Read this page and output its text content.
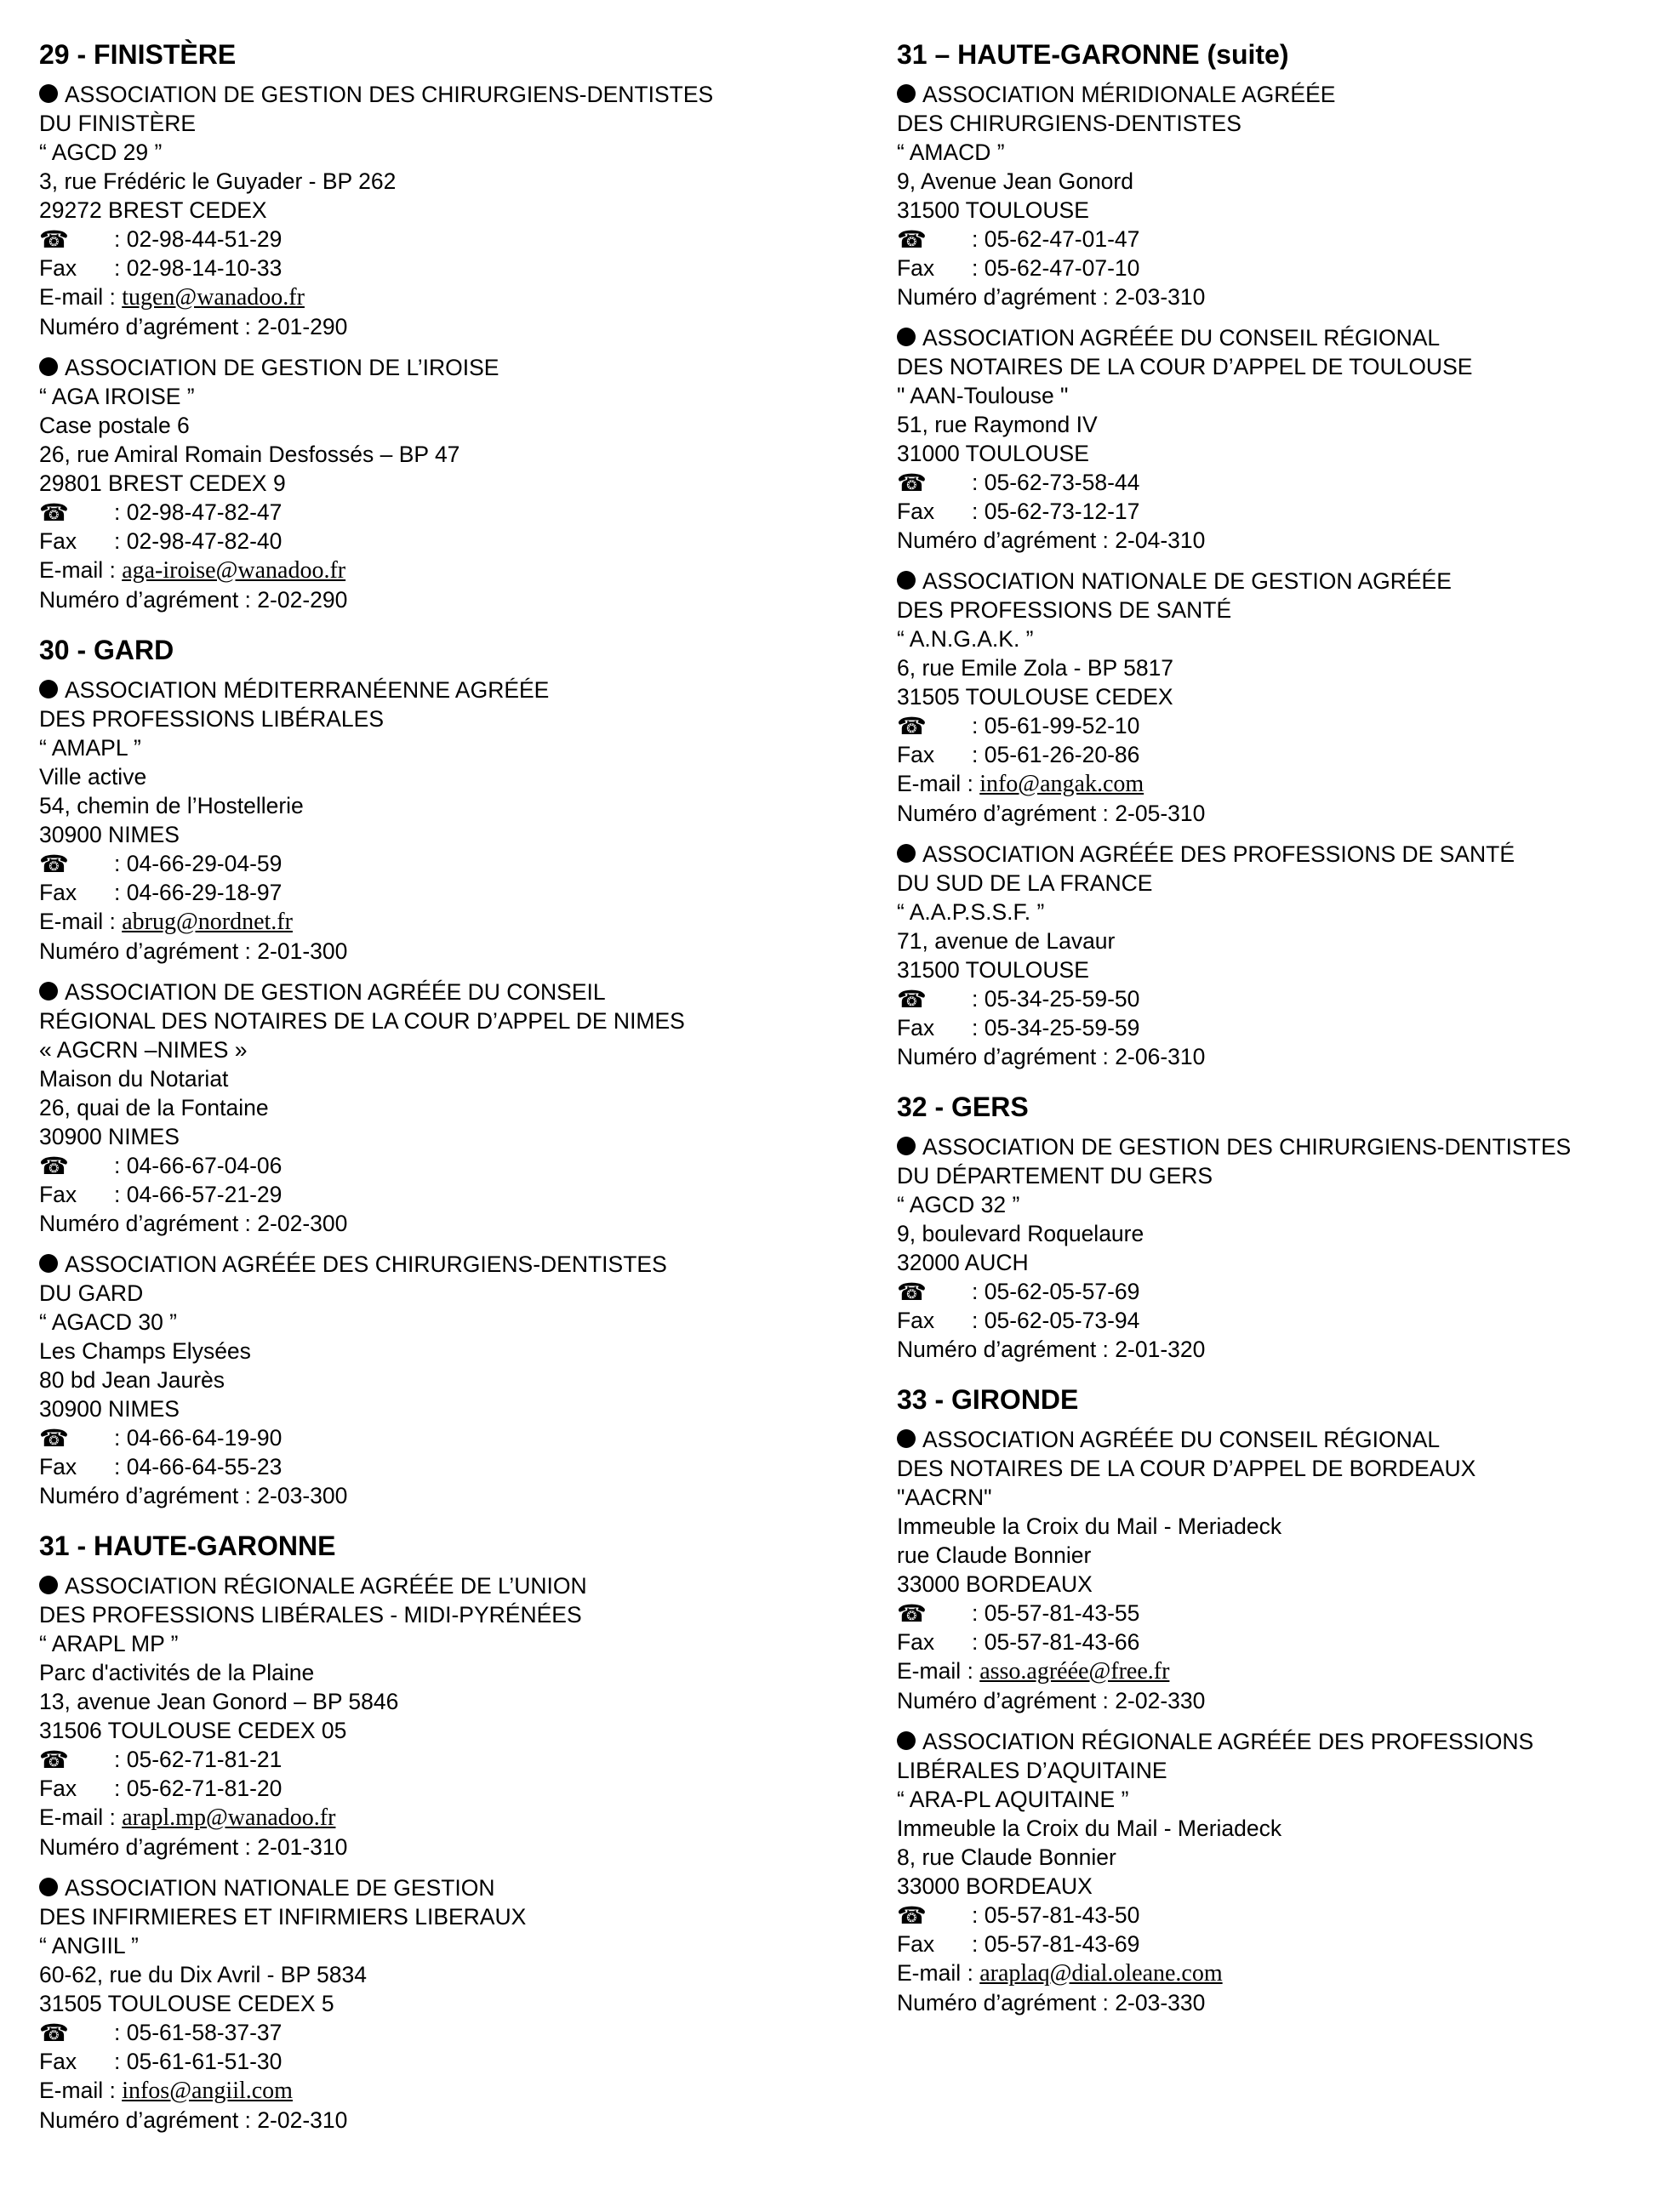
29 - FINISTÈRE
ASSOCIATION DE GESTION DES CHIRURGIENS-DENTISTES
DU FINISTÈRE
“ AGCD 29 ”
3, rue Frédéric le Guyader - BP 262
29272 BREST CEDEX
☎ : 02-98-44-51-29
Fax : 02-98-14-10-33
E-mail : tugen@wanadoo.fr
Numéro d’agrément : 2-01-290
ASSOCIATION DE GESTION DE L’IROISE
“ AGA IROISE ”
Case postale 6
26, rue Amiral Romain Desfossés – BP 47
29801 BREST CEDEX 9
☎ : 02-98-47-82-47
Fax : 02-98-47-82-40
E-mail : aga-iroise@wanadoo.fr
Numéro d’agrément : 2-02-290
30 - GARD
ASSOCIATION MÉDITERRANÉENNE AGRÉÉE
DES PROFESSIONS LIBÉRALES
“ AMAPL ”
Ville active
54, chemin de l’Hostellerie
30900 NIMES
☎ : 04-66-29-04-59
Fax : 04-66-29-18-97
E-mail : abrug@nordnet.fr
Numéro d’agrément : 2-01-300
ASSOCIATION DE GESTION AGRÉÉE DU CONSEIL
RÉGIONAL DES NOTAIRES DE LA COUR D’APPEL DE NIMES
« AGCRN –NIMES »
Maison du Notariat
26, quai de la Fontaine
30900 NIMES
☎ : 04-66-67-04-06
Fax : 04-66-57-21-29
Numéro d’agrément : 2-02-300
ASSOCIATION AGRÉÉE DES CHIRURGIENS-DENTISTES
DU GARD
“ AGACD 30 ”
Les Champs Elysées
80 bd Jean Jaurès
30900 NIMES
☎ : 04-66-64-19-90
Fax : 04-66-64-55-23
Numéro d’agrément : 2-03-300
31 - HAUTE-GARONNE
ASSOCIATION RÉGIONALE AGRÉÉE DE L’UNION
DES PROFESSIONS LIBÉRALES - MIDI-PYRÉNÉES
“ ARAPL MP ”
Parc d'activités de la Plaine
13, avenue Jean Gonord – BP 5846
31506 TOULOUSE CEDEX 05
☎ : 05-62-71-81-21
Fax : 05-62-71-81-20
E-mail : arapl.mp@wanadoo.fr
Numéro d’agrément : 2-01-310
ASSOCIATION NATIONALE DE GESTION
DES INFIRMIERES ET INFIRMIERS LIBERAUX
“ ANGIIL ”
60-62, rue du Dix Avril - BP 5834
31505 TOULOUSE CEDEX 5
☎ : 05-61-58-37-37
Fax : 05-61-61-51-30
E-mail : infos@angiil.com
Numéro d’agrément : 2-02-310
31 – HAUTE-GARONNE (suite)
ASSOCIATION MÉRIDIONALE AGRÉÉE
DES CHIRURGIENS-DENTISTES
“ AMACD ”
9, Avenue Jean Gonord
31500 TOULOUSE
☎ : 05-62-47-01-47
Fax : 05-62-47-07-10
Numéro d’agrément : 2-03-310
ASSOCIATION AGRÉÉE DU CONSEIL RÉGIONAL
DES NOTAIRES DE LA COUR D’APPEL DE TOULOUSE
" AAN-Toulouse "
51, rue Raymond IV
31000 TOULOUSE
☎ : 05-62-73-58-44
Fax : 05-62-73-12-17
Numéro d’agrément : 2-04-310
ASSOCIATION NATIONALE DE GESTION AGRÉÉE
DES PROFESSIONS DE SANTÉ
“ A.N.G.A.K. ”
6, rue Emile Zola - BP 5817
31505 TOULOUSE CEDEX
☎ : 05-61-99-52-10
Fax : 05-61-26-20-86
E-mail : info@angak.com
Numéro d’agrément : 2-05-310
ASSOCIATION AGRÉÉE DES PROFESSIONS DE SANTÉ
DU SUD DE LA FRANCE
“ A.A.P.S.S.F. ”
71, avenue de Lavaur
31500 TOULOUSE
☎ : 05-34-25-59-50
Fax : 05-34-25-59-59
Numéro d’agrément : 2-06-310
32 - GERS
ASSOCIATION DE GESTION DES CHIRURGIENS-DENTISTES
DU DÉPARTEMENT DU GERS
“ AGCD 32 ”
9, boulevard Roquelaure
32000 AUCH
☎ : 05-62-05-57-69
Fax : 05-62-05-73-94
Numéro d’agrément : 2-01-320
33 - GIRONDE
ASSOCIATION AGRÉÉE DU CONSEIL RÉGIONAL
DES NOTAIRES DE LA COUR D’APPEL DE BORDEAUX
"AACRN"
Immeuble la Croix du Mail - Meriadeck
rue Claude Bonnier
33000 BORDEAUX
☎ : 05-57-81-43-55
Fax : 05-57-81-43-66
E-mail : asso.agréée@free.fr
Numéro d’agrément : 2-02-330
ASSOCIATION RÉGIONALE AGRÉÉE DES PROFESSIONS
LIBÉRALES D’AQUITAINE
“ ARA-PL AQUITAINE ”
Immeuble la Croix du Mail - Meriadeck
8, rue Claude Bonnier
33000 BORDEAUX
☎ : 05-57-81-43-50
Fax : 05-57-81-43-69
E-mail : araplaq@dial.oleane.com
Numéro d’agrément : 2-03-330
